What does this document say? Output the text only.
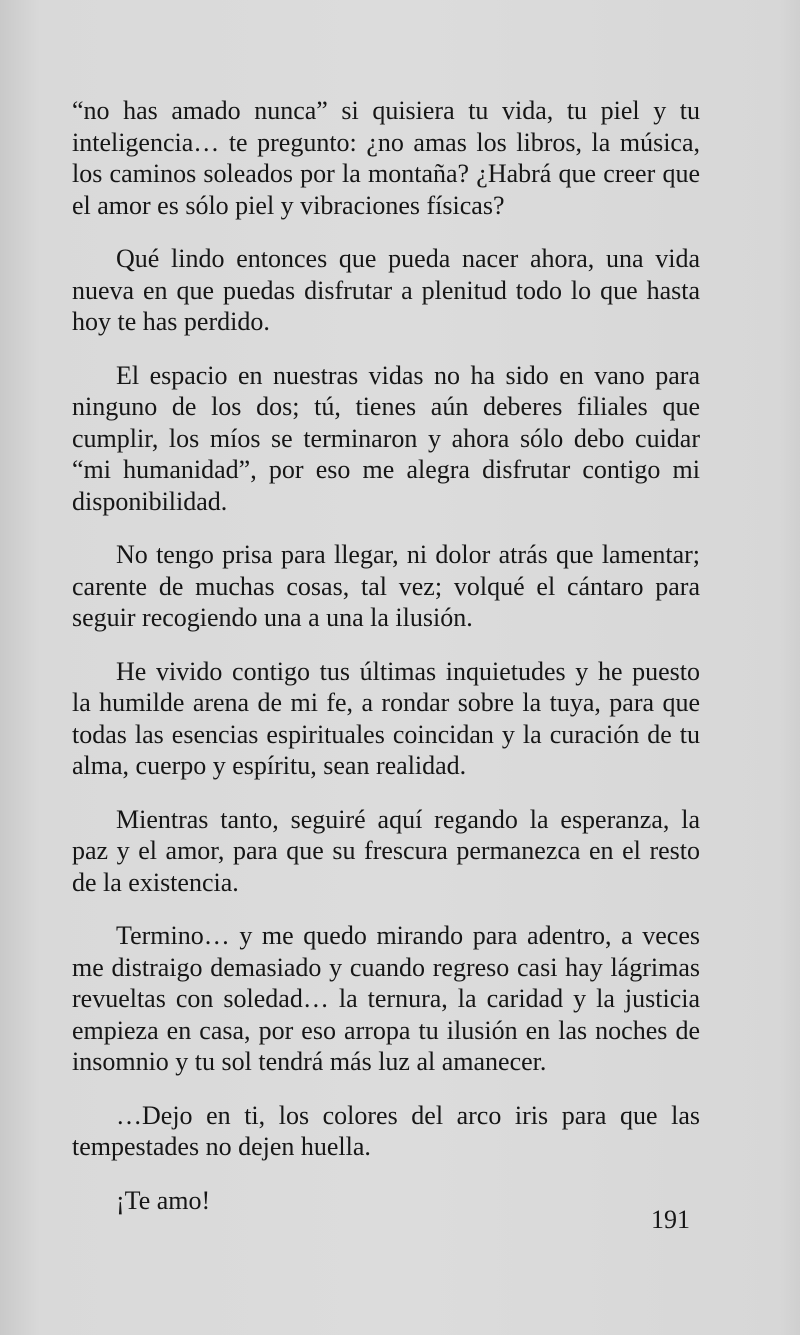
“no has amado nunca” si quisiera tu vida, tu piel y tu inteligencia… te pregunto: ¿no amas los libros, la música, los caminos soleados por la montaña? ¿Habrá que creer que el amor es sólo piel y vibraciones físicas?

Qué lindo entonces que pueda nacer ahora, una vida nueva en que puedas disfrutar a plenitud todo lo que hasta hoy te has perdido.

El espacio en nuestras vidas no ha sido en vano para ninguno de los dos; tú, tienes aún deberes filiales que cumplir, los míos se terminaron y ahora sólo debo cuidar “mi humanidad”, por eso me alegra disfrutar contigo mi disponibilidad.

No tengo prisa para llegar, ni dolor atrás que lamentar; carente de muchas cosas, tal vez; volqué el cántaro para seguir recogiendo una a una la ilusión.

He vivido contigo tus últimas inquietudes y he puesto la humilde arena de mi fe, a rondar sobre la tuya, para que todas las esencias espirituales coincidan y la curación de tu alma, cuerpo y espíritu, sean realidad.

Mientras tanto, seguiré aquí regando la esperanza, la paz y el amor, para que su frescura permanezca en el resto de la existencia.

Termino… y me quedo mirando para adentro, a veces me distraigo demasiado y cuando regreso casi hay lágrimas revueltas con soledad… la ternura, la caridad y la justicia empieza en casa, por eso arropa tu ilusión en las noches de insomnio y tu sol tendrá más luz al amanecer.

…Dejo en ti, los colores del arco iris para que las tempestades no dejen huella.

¡Te amo!

191
